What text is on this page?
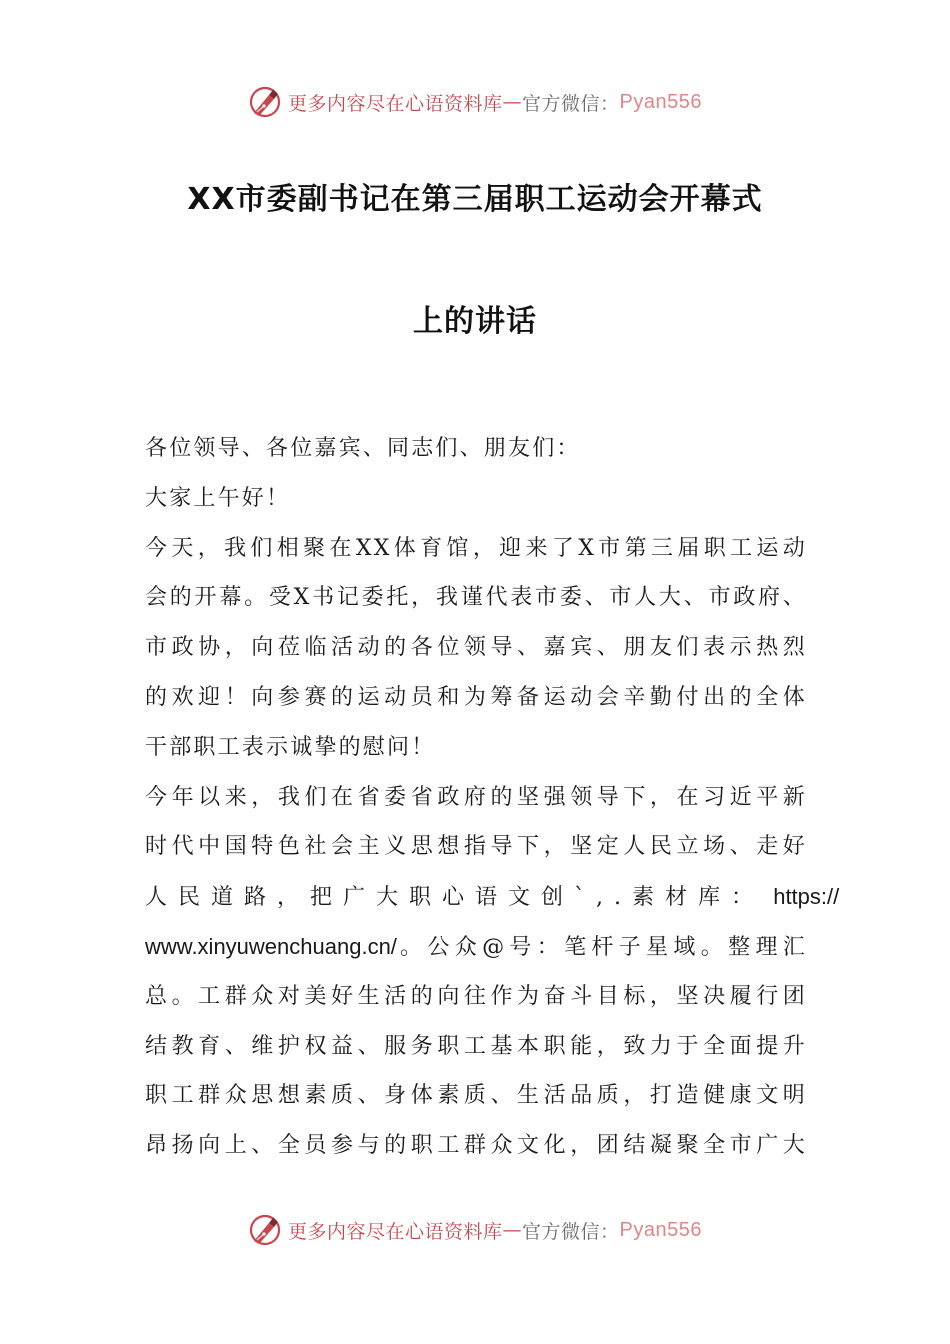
更多内容尽在心语资料库 — 官方微信： Pyan556
XX市委副书记在第三届职工运动会开幕式
上的讲话
各位领导、各位嘉宾、同志们、朋友们：
大家上午好！
今天，我们相聚在XX体育馆，迎来了X市第三届职工运动
会的开幕。受X书记委托，我谨代表市委、市人大、市政府、
市政协，向莅临活动的各位领导、嘉宾、朋友们表示热烈
的欢迎！向参赛的运动员和为筹备运动会辛勤付出的全体
干部职工表示诚挚的慰问！
今年以来，我们在省委省政府的坚强领导下，在习近平新
时代中国特色社会主义思想指导下，坚定人民立场、走好
人民道路，把广大职心语文创`,.素材库： https://
www.xinyuwenchuang.cn/。公众@号：笔杆子星域。整理汇
总。工群众对美好生活的向往作为奋斗目标，坚决履行团
结教育、维护权益、服务职工基本职能，致力于全面提升
职工群众思想素质、身体素质、生活品质，打造健康文明
昂扬向上、全员参与的职工群众文化，团结凝聚全市广大
更多内容尽在心语资料库 — 官方微信： Pyan556
